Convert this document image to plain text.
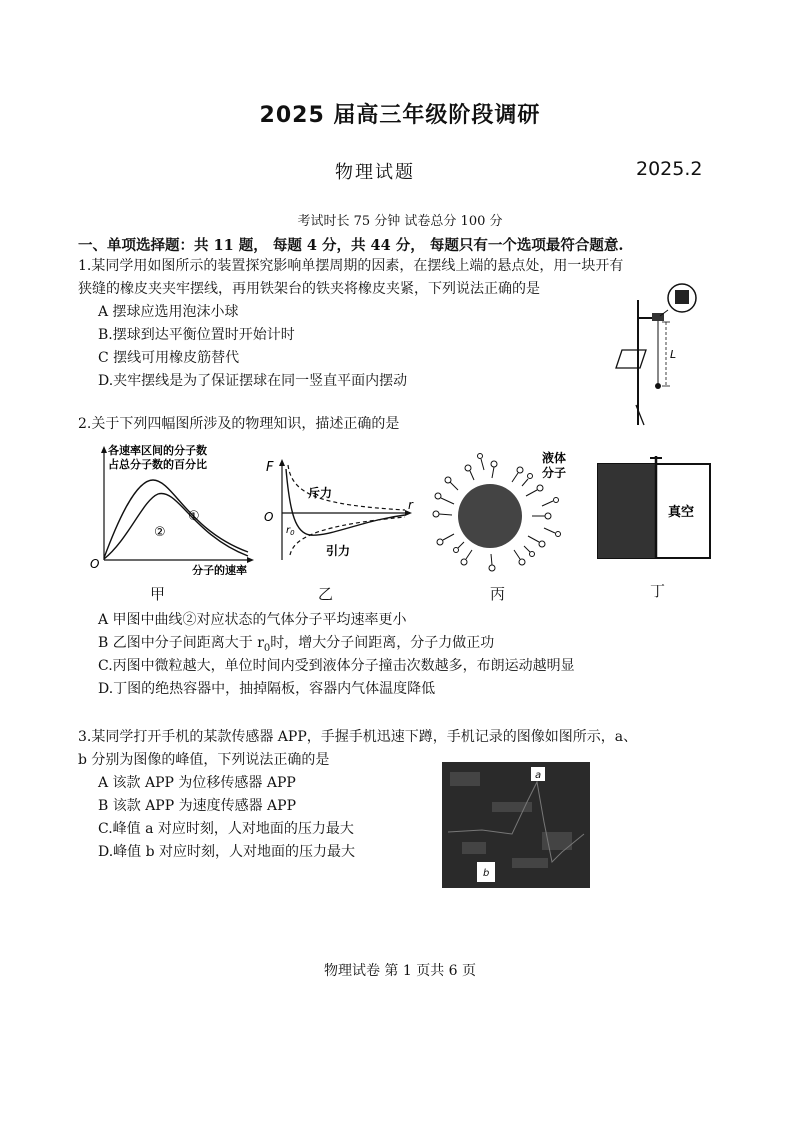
2025 届高三年级阶段调研
物理试题	2025.2
考试时长 75 分钟 试卷总分 100 分
一、单项选择题：共 11 题， 每题 4 分，共 44 分， 每题只有一个选项最符合题意.
1.某同学用如图所示的装置探究影响单摆周期的因素，在摆线上端的悬点处，用一块开有
狭缝的橡皮夹夹牢摆线，再用铁架台的铁夹将橡皮夹紧，下列说法正确的是
A 摆球应选用泡沫小球
B.摆球到达平衡位置时开始计时
C 摆线可用橡皮筋替代
D.夹牢摆线是为了保证摆球在同一竖直平面内摆动
L
2.关于下列四幅图所涉及的物理知识，描述正确的是
各速率区间的分子数
占总分子数的百分比
①
②
O	分子的速率
甲
F
r
O
斥力
引力
$r_0$
乙
液体
分子
丙
真空
丁
A 甲图中曲线②对应状态的气体分子平均速率更小
B 乙图中分子间距离大于 $r_0$时，增大分子间距离，分子力做正功
C.丙图中微粒越大，单位时间内受到液体分子撞击次数越多，布朗运动越明显
D.丁图的绝热容器中，抽掉隔板，容器内气体温度降低
3.某同学打开手机的某款传感器 APP，手握手机迅速下蹲，手机记录的图像如图所示，a、
b 分别为图像的峰值，下列说法正确的是
A 该款 APP 为位移传感器 APP
B 该款 APP 为速度传感器 APP
C.峰值 a 对应时刻，人对地面的压力最大
D.峰值 b 对应时刻，人对地面的压力最大
a
b
物理试卷 第 1 页共 6 页
